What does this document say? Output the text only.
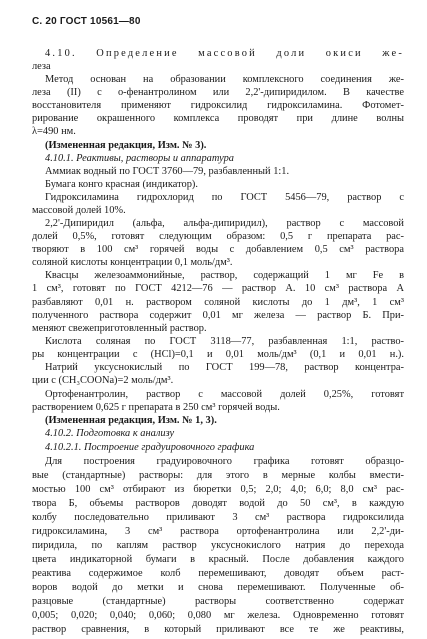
С. 20 ГОСТ 10561—80
4.10. Определение массовой доли окиси же-
леза
Метод основан на образовании комплексного соединения же-
леза (II) с о-фенантролином или 2,2'-дипиридилом. В качестве
восстановителя применяют гидроксилид гидроксиламина. Фотомет-
рирование окрашенного комплекса проводят при длине волны
λ=490 нм.
(Измененная редакция, Изм. № 3).
4.10.1. Реактивы, растворы и аппаратура
Аммиак водный по ГОСТ 3760—79, разбавленный 1:1.
Бумага конго красная (индикатор).
Гидроксиламина гидрохлорид по ГОСТ 5456—79, раствор с
массовой долей 10%.
2,2'-Дипиридил (альфа, альфа-дипиридил), раствор с массовой
долей 0,5%, готовят следующим образом: 0,5 г препарата рас-
творяют в 100 см³ горячей воды с добавлением 0,5 см³ раствора
соляной кислоты концентрации 0,1 моль/дм³.
Квасцы железоаммонийные, раствор, содержащий 1 мг Fe в
1 см³, готовят по ГОСТ 4212—76 — раствор А. 10 см³ раствора А
разбавляют 0,01 н. раствором соляной кислоты до 1 дм³, 1 см³
полученного раствора содержит 0,01 мг железа — раствор Б. При-
меняют свежеприготовленный раствор.
Кислота соляная по ГОСТ 3118—77, разбавленная 1:1, раство-
ры концентрации с (HCl)=0,1 и 0,01 моль/дм³ (0,1 и 0,01 н.).
Натрий уксуснокислый по ГОСТ 199—78, раствор концентра-
ции с (CH₃COONa)=2 моль/дм³.
Ортофенантролин, раствор с массовой долей 0,25%, готовят
растворением 0,625 г препарата в 250 см³ горячей воды.
(Измененная редакция, Изм. № 1, 3).
4.10.2. Подготовка к анализу
4.10.2.1. Построение градуировочного графика
Для построения градуировочного графика готовят образцо-
вые (стандартные) растворы: для этого в мерные колбы вмести-
мостью 100 см³ отбирают из бюретки 0,5; 2,0; 4,0; 6,0; 8,0 см³ рас-
твора Б, объемы растворов доводят водой до 50 см³, в каждую
колбу последовательно приливают 3 см³ раствора гидроксилида
гидроксиламина, 3 см³ раствора ортофенантролина или 2,2'-ди-
пиридила, по каплям раствор уксуснокислого натрия до перехода
цвета индикаторной бумаги в красный. После добавления каждого
реактива содержимое колб перемешивают, доводят объем раст-
воров водой до метки и снова перемешивают. Полученные об-
разцовые (стандартные) растворы соответственно содержат
0,005; 0,020; 0,040; 0,060; 0,080 мг железа. Одновременно готовят
раствор сравнения, в который приливают все те же реактивы,
